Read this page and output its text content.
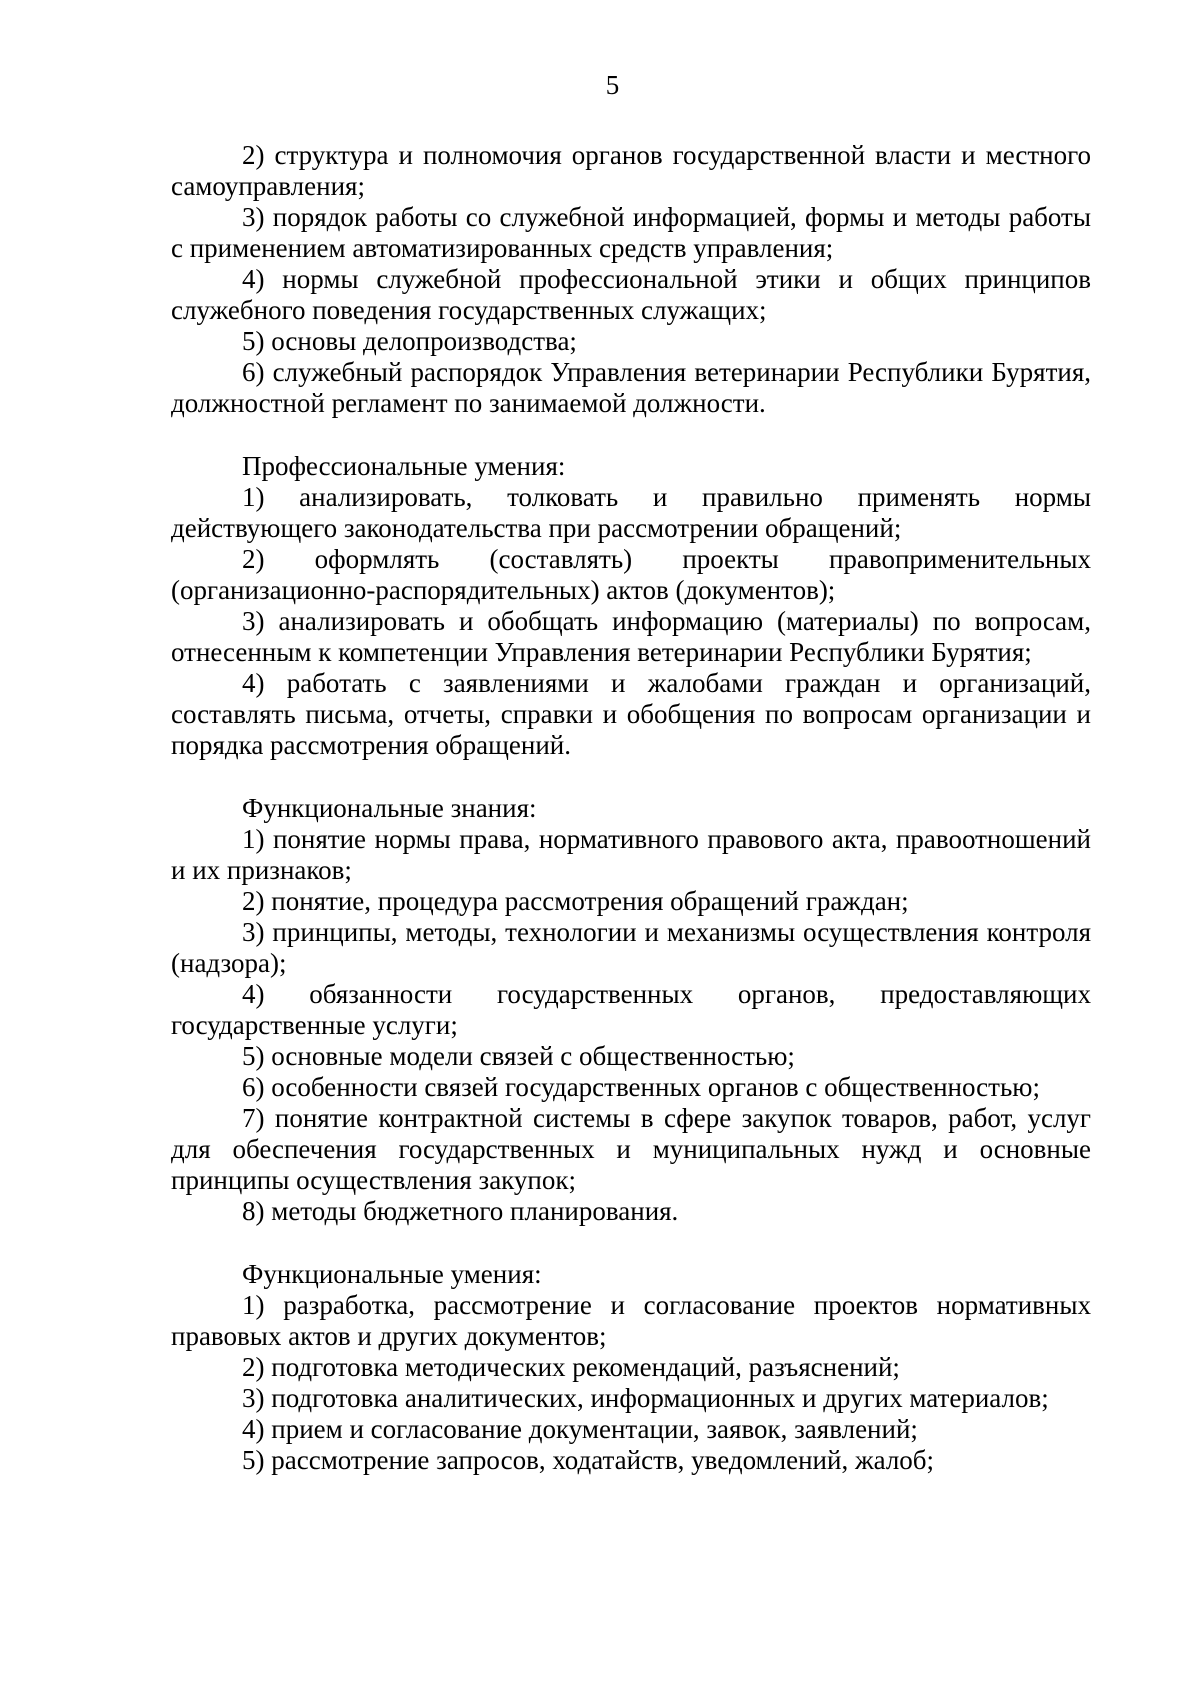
5

2) структура и полномочия органов государственной власти и местного самоуправления;

3) порядок работы со служебной информацией, формы и методы работы с применением автоматизированных средств управления;

4) нормы служебной профессиональной этики и общих принципов служебного поведения государственных служащих;

5) основы делопроизводства;

6) служебный распорядок Управления ветеринарии Республики Бурятия, должностной регламент по занимаемой должности.

Профессиональные умения:

1) анализировать, толковать и правильно применять нормы действующего законодательства при рассмотрении обращений;

2) оформлять (составлять) проекты правоприменительных (организационно-распорядительных) актов (документов);

3) анализировать и обобщать информацию (материалы) по вопросам, отнесенным к компетенции Управления ветеринарии Республики Бурятия;

4) работать с заявлениями и жалобами граждан и организаций, составлять письма, отчеты, справки и обобщения по вопросам организации и порядка рассмотрения обращений.

Функциональные знания:

1) понятие нормы права, нормативного правового акта, правоотношений и их признаков;

2) понятие, процедура рассмотрения обращений граждан;

3) принципы, методы, технологии и механизмы осуществления контроля (надзора);

4) обязанности государственных органов, предоставляющих государственные услуги;

5) основные модели связей с общественностью;

6) особенности связей государственных органов с общественностью;

7) понятие контрактной системы в сфере закупок товаров, работ, услуг для обеспечения государственных и муниципальных нужд и основные принципы осуществления закупок;

8) методы бюджетного планирования.

Функциональные умения:

1) разработка, рассмотрение и согласование проектов нормативных правовых актов и других документов;

2) подготовка методических рекомендаций, разъяснений;

3) подготовка аналитических, информационных и других материалов;

4) прием и согласование документации, заявок, заявлений;

5) рассмотрение запросов, ходатайств, уведомлений, жалоб;
